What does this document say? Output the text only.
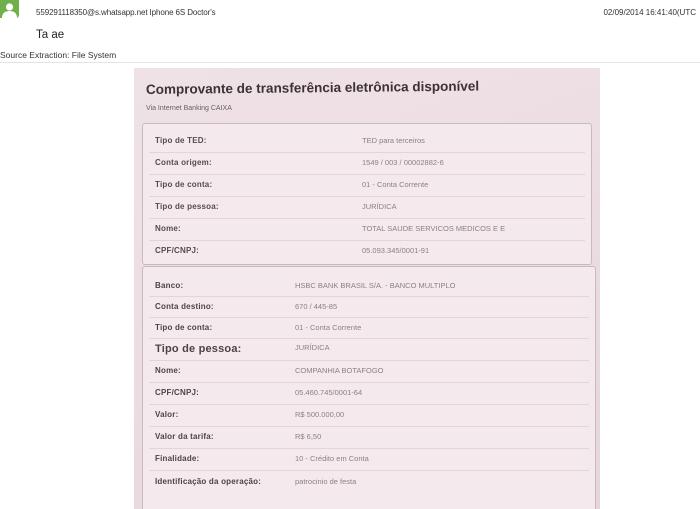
559291118350@s.whatsapp.net Iphone 6S Doctor's	02/09/2014 16:41:40(UTC
Ta ae
Source Extraction: File System
Comprovante de transferência eletrônica disponível
Via Internet Banking CAIXA
Tipo de TED:	TED para terceiros
Conta origem:	1549 / 003 / 00002882-6
Tipo de conta:	01 - Conta Corrente
Tipo de pessoa:	JURÍDICA
Nome:	TOTAL SAUDE SERVICOS MEDICOS E E
CPF/CNPJ:	05.093.345/0001-91
Banco:	HSBC BANK BRASIL S/A. - BANCO MULTIPLO
Conta destino:	670 / 445-85
Tipo de conta:	01 - Conta Corrente
Tipo de pessoa:	JURÍDICA
Nome:	COMPANHIA BOTAFOGO
CPF/CNPJ:	05.460.745/0001-64
Valor:	R$ 500.000,00
Valor da tarifa:	R$ 6,50
Finalidade:	10 - Crédito em Conta
Identificação da operação:	patrocinio de festa
